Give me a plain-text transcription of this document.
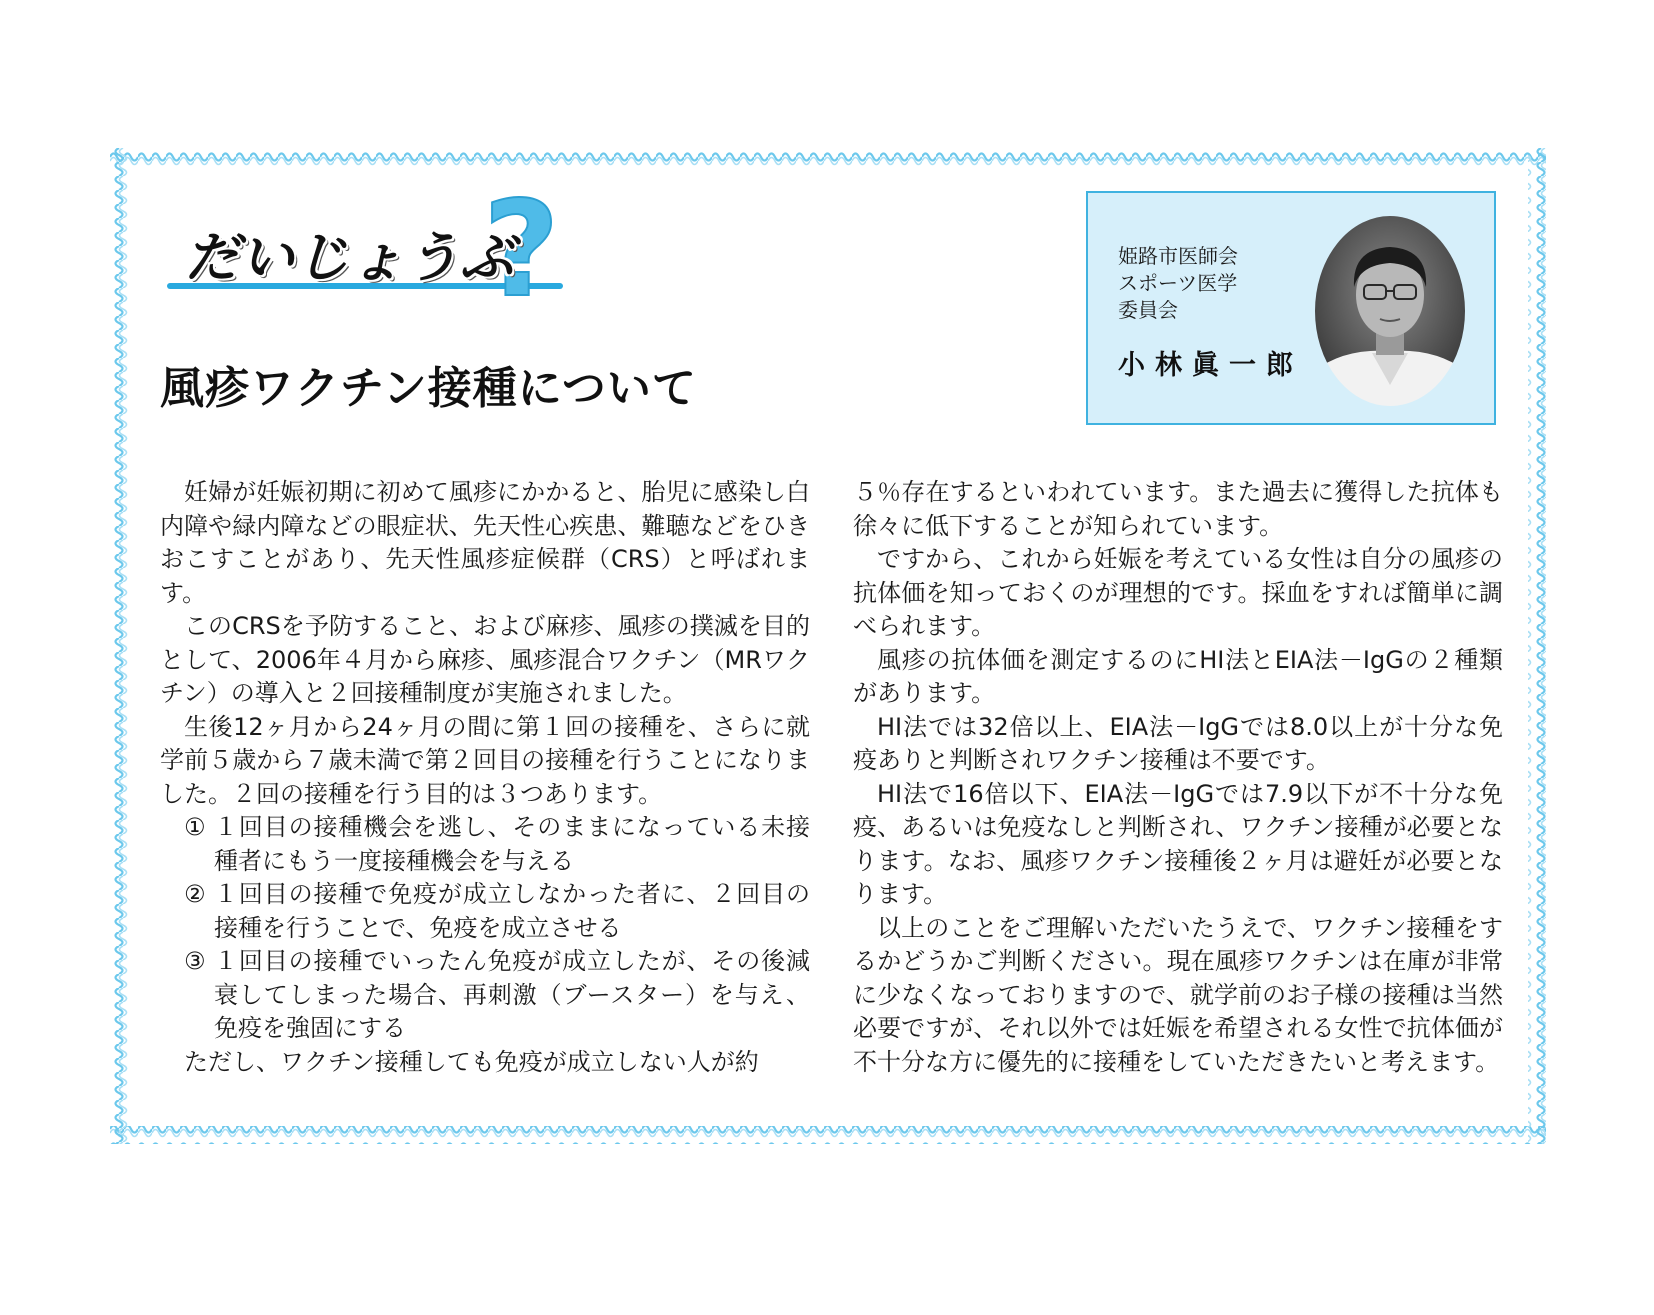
?
だいじょうぶ
風疹ワクチン接種について
姫路市医師会
スポーツ医学
委員会
小林眞一郎

妊婦が妊娠初期に初めて風疹にかかると、胎児に感染し白内障や緑内障などの眼症状、先天性心疾患、難聴などをひきおこすことがあり、先天性風疹症候群（CRS）と呼ばれます。

このCRSを予防すること、および麻疹、風疹の撲滅を目的として、2006年４月から麻疹、風疹混合ワクチン（MRワクチン）の導入と２回接種制度が実施されました。

生後12ヶ月から24ヶ月の間に第１回の接種を、さらに就学前５歳から７歳未満で第２回目の接種を行うことになりました。２回の接種を行う目的は３つあります。

① １回目の接種機会を逃し、そのままになっている未接種者にもう一度接種機会を与える
② １回目の接種で免疫が成立しなかった者に、２回目の接種を行うことで、免疫を成立させる
③ １回目の接種でいったん免疫が成立したが、その後減衰してしまった場合、再刺激（ブースター）を与え、免疫を強固にする

ただし、ワクチン接種しても免疫が成立しない人が約

５％存在するといわれています。また過去に獲得した抗体も徐々に低下することが知られています。

ですから、これから妊娠を考えている女性は自分の風疹の抗体価を知っておくのが理想的です。採血をすれば簡単に調べられます。

風疹の抗体価を測定するのにHI法とEIA法－IgGの２種類があります。

HI法では32倍以上、EIA法－IgGでは8.0以上が十分な免疫ありと判断されワクチン接種は不要です。

HI法で16倍以下、EIA法－IgGでは7.9以下が不十分な免疫、あるいは免疫なしと判断され、ワクチン接種が必要となります。なお、風疹ワクチン接種後２ヶ月は避妊が必要となります。

以上のことをご理解いただいたうえで、ワクチン接種をするかどうかご判断ください。現在風疹ワクチンは在庫が非常に少なくなっておりますので、就学前のお子様の接種は当然必要ですが、それ以外では妊娠を希望される女性で抗体価が不十分な方に優先的に接種をしていただきたいと考えます。
